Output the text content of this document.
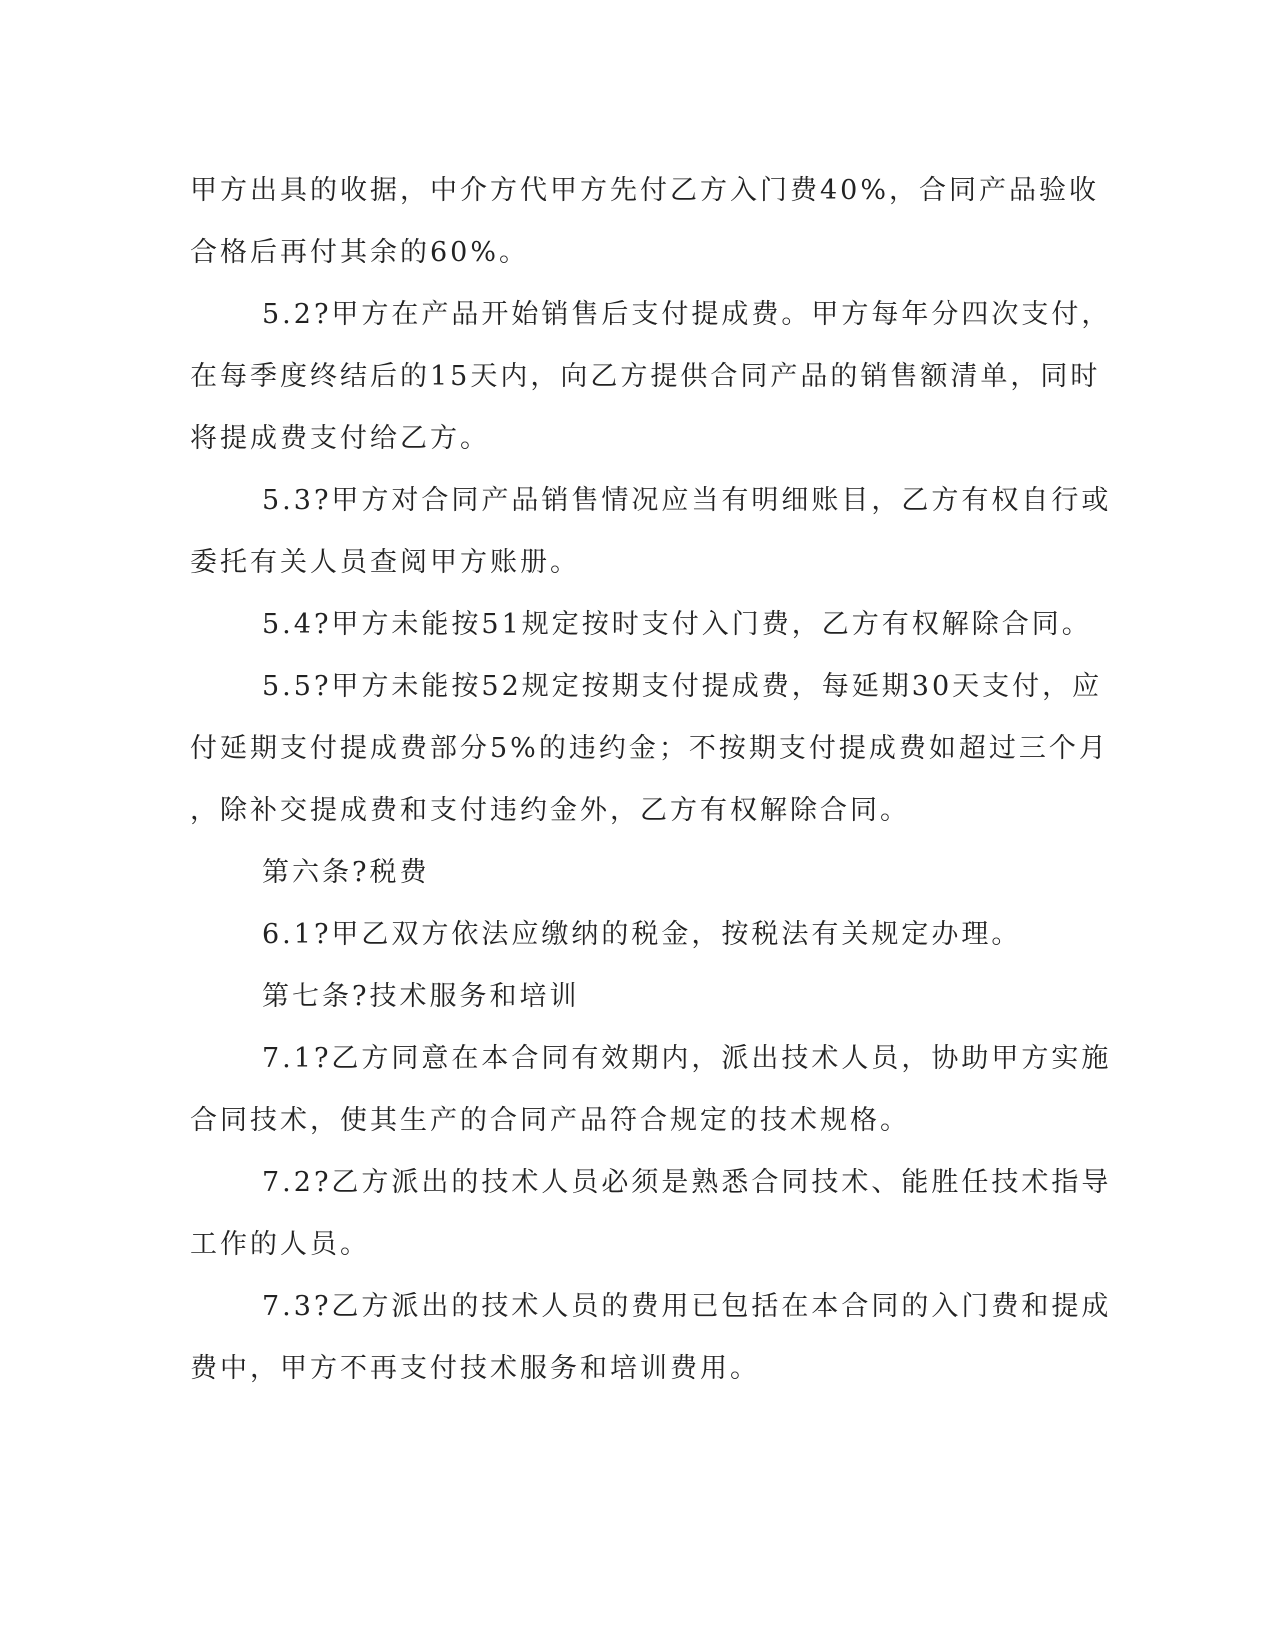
甲方出具的收据，中介方代甲方先付乙方入门费40%，合同产品验收
合格后再付其余的60%。
5.2?甲方在产品开始销售后支付提成费。甲方每年分四次支付，
在每季度终结后的15天内，向乙方提供合同产品的销售额清单，同时
将提成费支付给乙方。
5.3?甲方对合同产品销售情况应当有明细账目，乙方有权自行或
委托有关人员查阅甲方账册。
5.4?甲方未能按51规定按时支付入门费，乙方有权解除合同。
5.5?甲方未能按52规定按期支付提成费，每延期30天支付，应
付延期支付提成费部分5%的违约金；不按期支付提成费如超过三个月
，除补交提成费和支付违约金外，乙方有权解除合同。
第六条?税费
6.1?甲乙双方依法应缴纳的税金，按税法有关规定办理。
第七条?技术服务和培训
7.1?乙方同意在本合同有效期内，派出技术人员，协助甲方实施
合同技术，使其生产的合同产品符合规定的技术规格。
7.2?乙方派出的技术人员必须是熟悉合同技术、能胜任技术指导
工作的人员。
7.3?乙方派出的技术人员的费用已包括在本合同的入门费和提成
费中，甲方不再支付技术服务和培训费用。
